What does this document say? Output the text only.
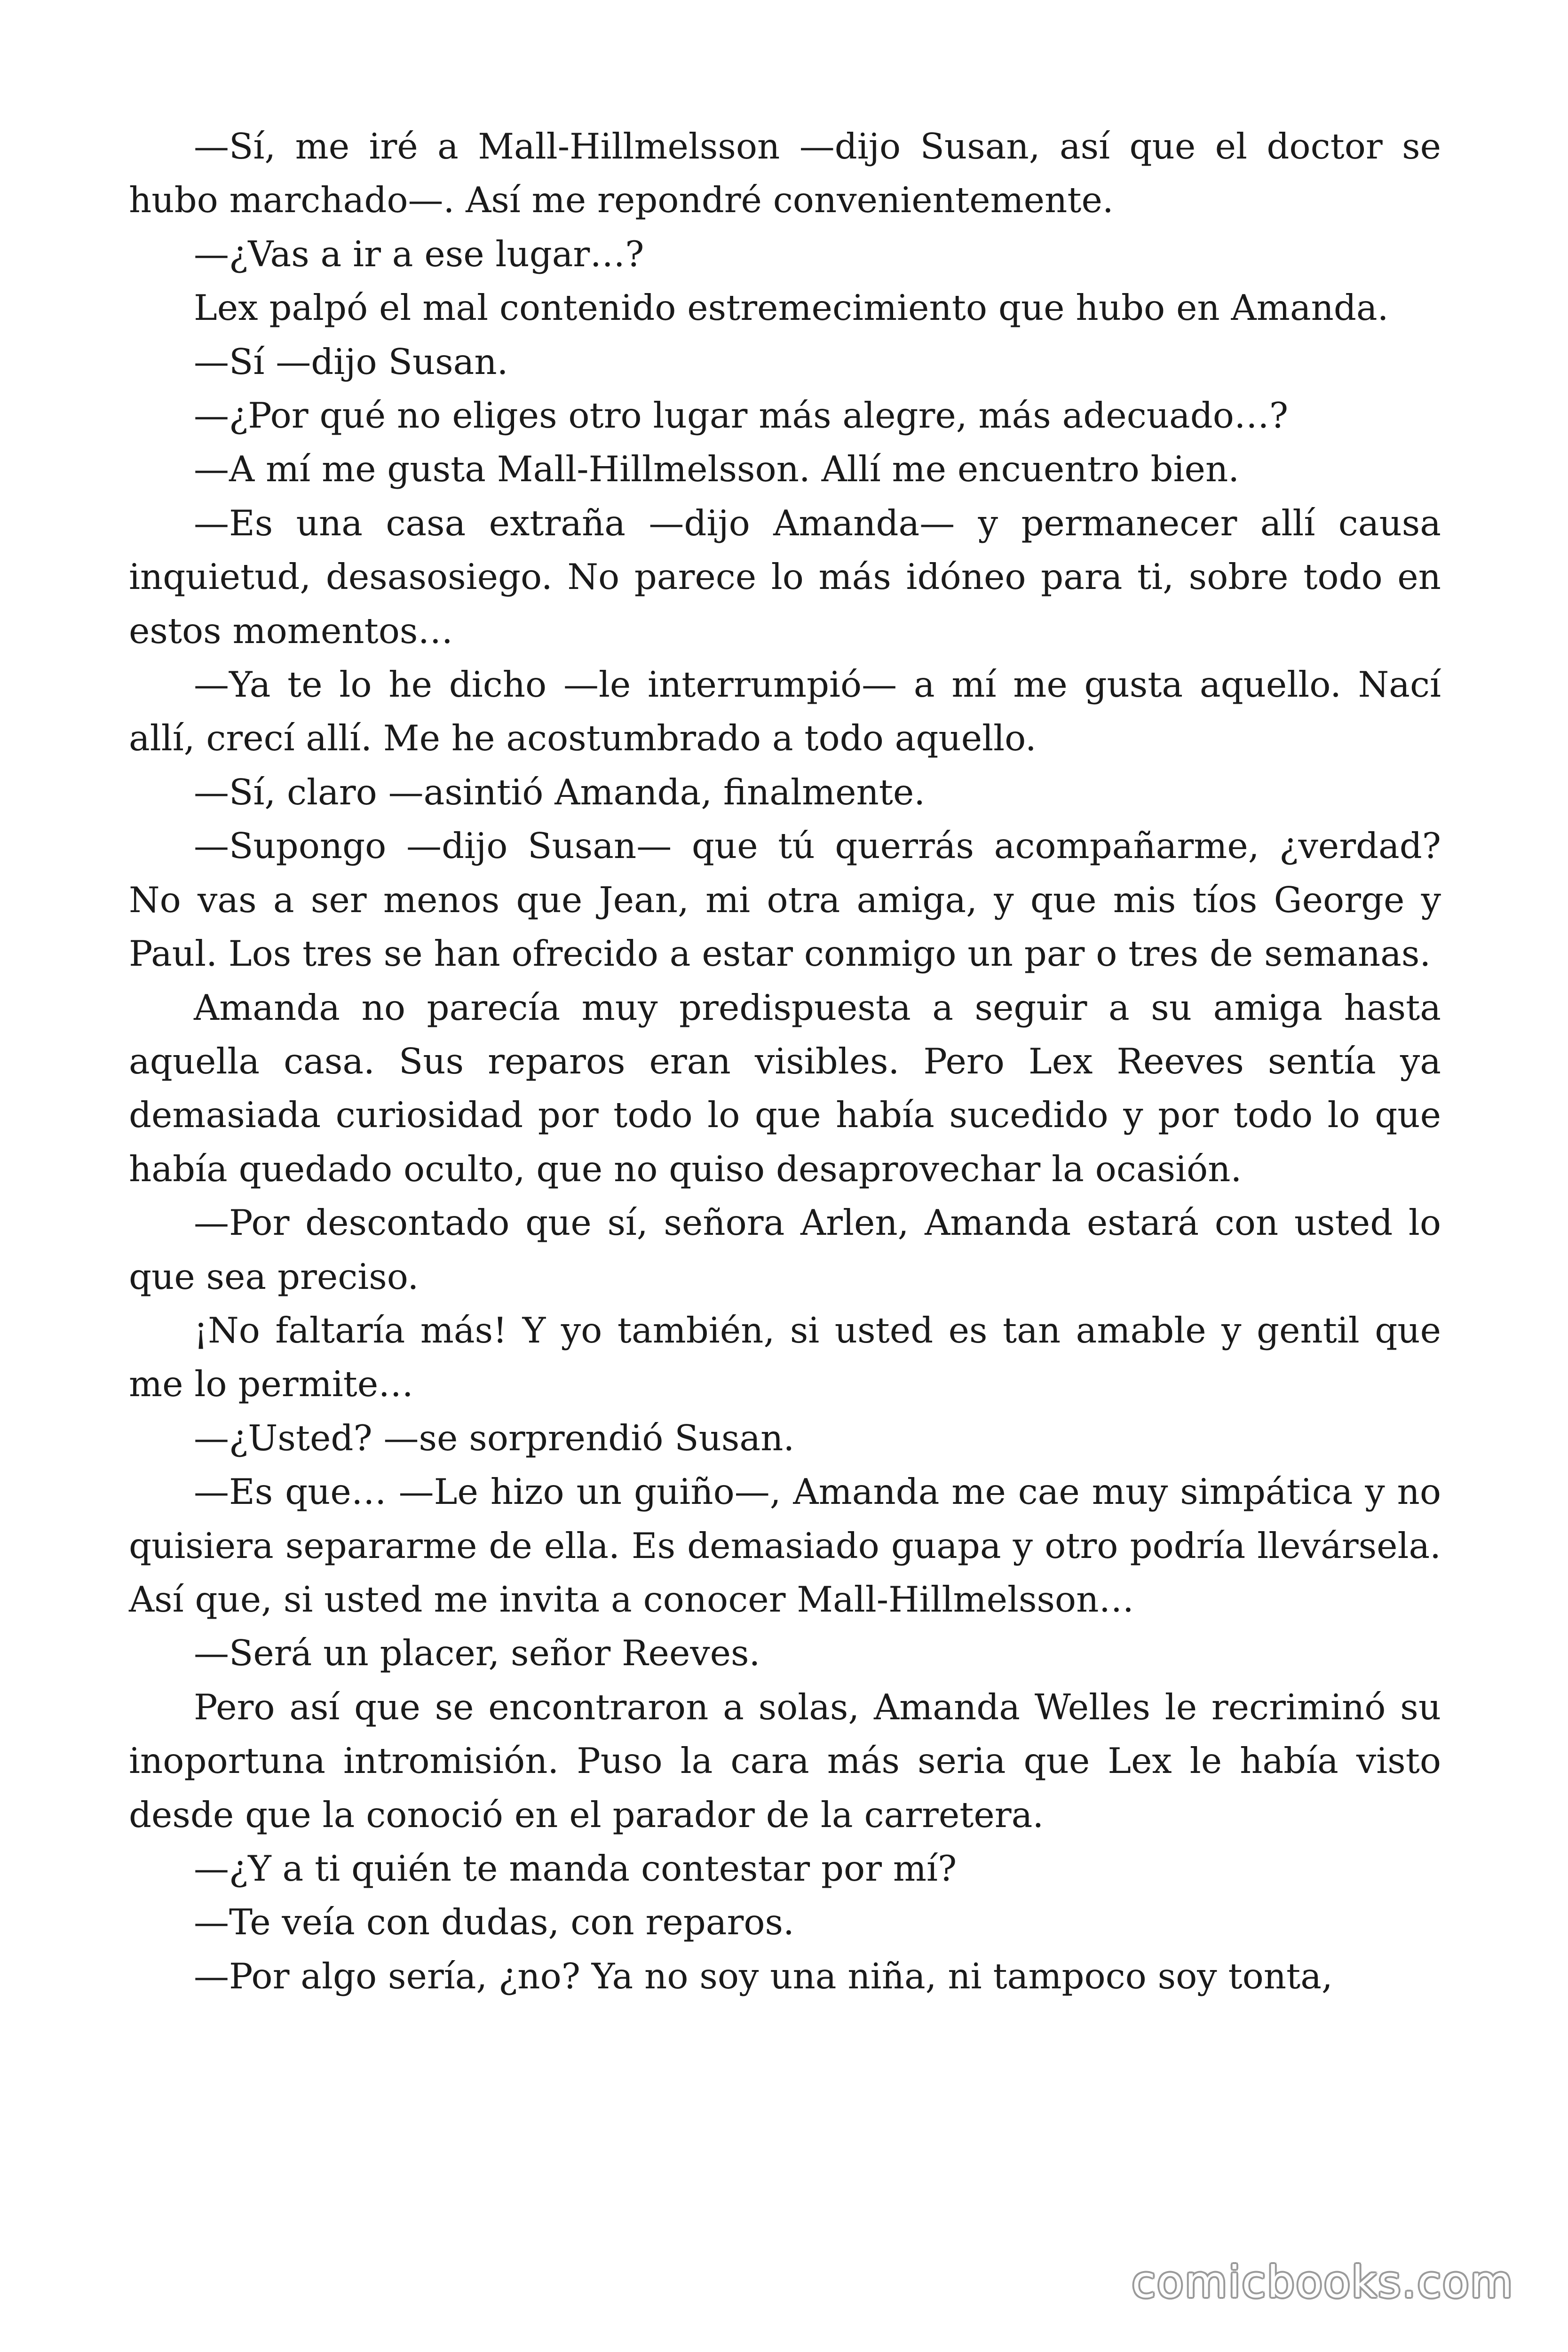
—Sí, me iré a Mall-Hillmelsson —dijo Susan, así que el doctor se hubo marchado—. Así me repondré convenientemente.

—¿Vas a ir a ese lugar…?

Lex palpó el mal contenido estremecimiento que hubo en Amanda.

—Sí —dijo Susan.

—¿Por qué no eliges otro lugar más alegre, más adecuado…?

—A mí me gusta Mall-Hillmelsson. Allí me encuentro bien.

—Es una casa extraña —dijo Amanda— y permanecer allí causa inquietud, desasosiego. No parece lo más idóneo para ti, sobre todo en estos momentos…

—Ya te lo he dicho —le interrumpió— a mí me gusta aquello. Nací allí, crecí allí. Me he acostumbrado a todo aquello.

—Sí, claro —asintió Amanda, finalmente.

—Supongo —dijo Susan— que tú querrás acompañarme, ¿verdad? No vas a ser menos que Jean, mi otra amiga, y que mis tíos George y Paul. Los tres se han ofrecido a estar conmigo un par o tres de semanas.

Amanda no parecía muy predispuesta a seguir a su amiga hasta aquella casa. Sus reparos eran visibles. Pero Lex Reeves sentía ya demasiada curiosidad por todo lo que había sucedido y por todo lo que había quedado oculto, que no quiso desaprovechar la ocasión.

—Por descontado que sí, señora Arlen, Amanda estará con usted lo que sea preciso.

¡No faltaría más! Y yo también, si usted es tan amable y gentil que me lo permite…

—¿Usted? —se sorprendió Susan.

—Es que… —Le hizo un guiño—, Amanda me cae muy simpática y no quisiera separarme de ella. Es demasiado guapa y otro podría llevársela. Así que, si usted me invita a conocer Mall-Hillmelsson…

—Será un placer, señor Reeves.

Pero así que se encontraron a solas, Amanda Welles le recriminó su inoportuna intromisión. Puso la cara más seria que Lex le había visto desde que la conoció en el parador de la carretera.

—¿Y a ti quién te manda contestar por mí?

—Te veía con dudas, con reparos.

—Por algo sería, ¿no? Ya no soy una niña, ni tampoco soy tonta,

comicbooks.com
